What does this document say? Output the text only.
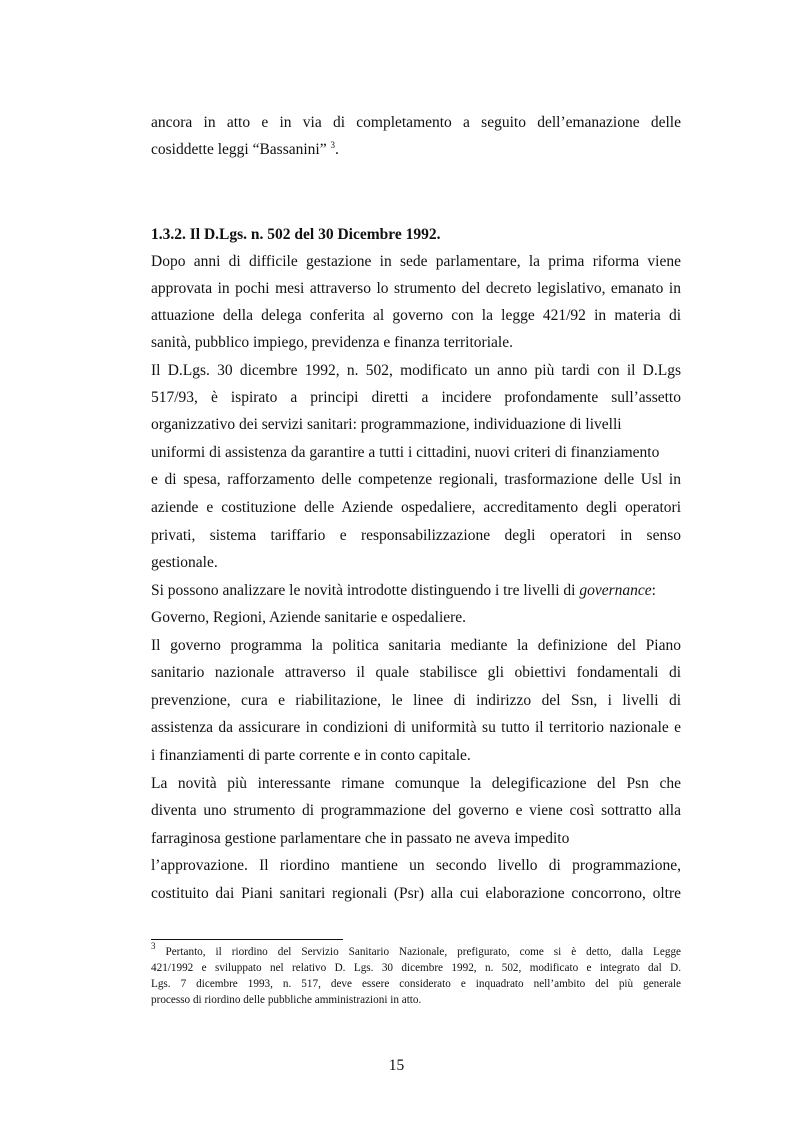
ancora in atto e in via di completamento a seguito dell’emanazione delle
cosiddette leggi “Bassanini” $^3$.
1.3.2. Il D.Lgs. n. 502 del 30 Dicembre 1992.
Dopo anni di difficile gestazione in sede parlamentare, la prima riforma viene
approvata in pochi mesi attraverso lo strumento del decreto legislativo, emanato in
attuazione della delega conferita al governo con la legge 421/92 in materia di
sanità, pubblico impiego, previdenza e finanza territoriale.
Il D.Lgs. 30 dicembre 1992, n. 502, modificato un anno più tardi con il D.Lgs
517/93, è ispirato a principi diretti a incidere profondamente sull’assetto
organizzativo dei servizi sanitari: programmazione, individuazione di livelli
uniformi di assistenza da garantire a tutti i cittadini, nuovi criteri di finanziamento
e di spesa, rafforzamento delle competenze regionali, trasformazione delle Usl in
aziende e costituzione delle Aziende ospedaliere, accreditamento degli operatori
privati, sistema tariffario e responsabilizzazione degli operatori in senso
gestionale.
Si possono analizzare le novità introdotte distinguendo i tre livelli di governance:
Governo, Regioni, Aziende sanitarie e ospedaliere.
Il governo programma la politica sanitaria mediante la definizione del Piano
sanitario nazionale attraverso il quale stabilisce gli obiettivi fondamentali di
prevenzione, cura e riabilitazione, le linee di indirizzo del Ssn, i livelli di
assistenza da assicurare in condizioni di uniformità su tutto il territorio nazionale e
i finanziamenti di parte corrente e in conto capitale.
La novità più interessante rimane comunque la delegificazione del Psn che
diventa uno strumento di programmazione del governo e viene così sottratto alla
farraginosa gestione parlamentare che in passato ne aveva impedito
l’approvazione. Il riordino mantiene un secondo livello di programmazione,
costituito dai Piani sanitari regionali (Psr) alla cui elaborazione concorrono, oltre
$^3$ Pertanto, il riordino del Servizio Sanitario Nazionale, prefigurato, come si è detto, dalla Legge
421/1992 e sviluppato nel relativo D. Lgs. 30 dicembre 1992, n. 502, modificato e integrato dal D.
Lgs. 7 dicembre 1993, n. 517, deve essere considerato e inquadrato nell’ambito del più generale
processo di riordino delle pubbliche amministrazioni in atto.
15
